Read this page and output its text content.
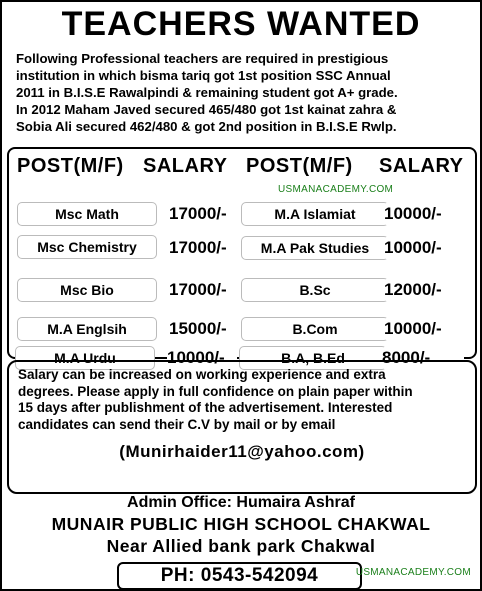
TEACHERS WANTED

Following Professional teachers are required in prestigious

institution in which bisma tariq got 1st position SSC Annual

2011 in B.I.S.E Rawalpindi & remaining student got A+ grade.

In 2012 Maham Javed secured 465/480 got 1st kainat zahra &

Sobia Ali secured 462/480 & got 2nd position in B.I.S.E Rwlp.

POST(M/F) SALARY POST(M/F) SALARY
USMANACADEMY.COM
Msc Math	17000/-	M.A Islamiat	10000/-
Msc Chemistry	17000/-	M.A Pak Studies 10000/-
Msc Bio	17000/-	B.Sc	12000/-
M.A Englsih	15000/-	B.Com	10000/-
M.A Urdu	10000/-	B.A, B.Ed	8000/-

Salary can be increased on working experience and extra

degrees. Please apply in full confidence on plain paper within

15 days after publishment of the advertisement. Interested

candidates can send their C.V by mail or by email

(Munirhaider11@yahoo.com)
Admin Office: Humaira Ashraf
MUNAIR PUBLIC HIGH SCHOOL CHAKWAL
Near Allied bank park Chakwal
PH: 0543-542094	USMANACADEMY.COM
